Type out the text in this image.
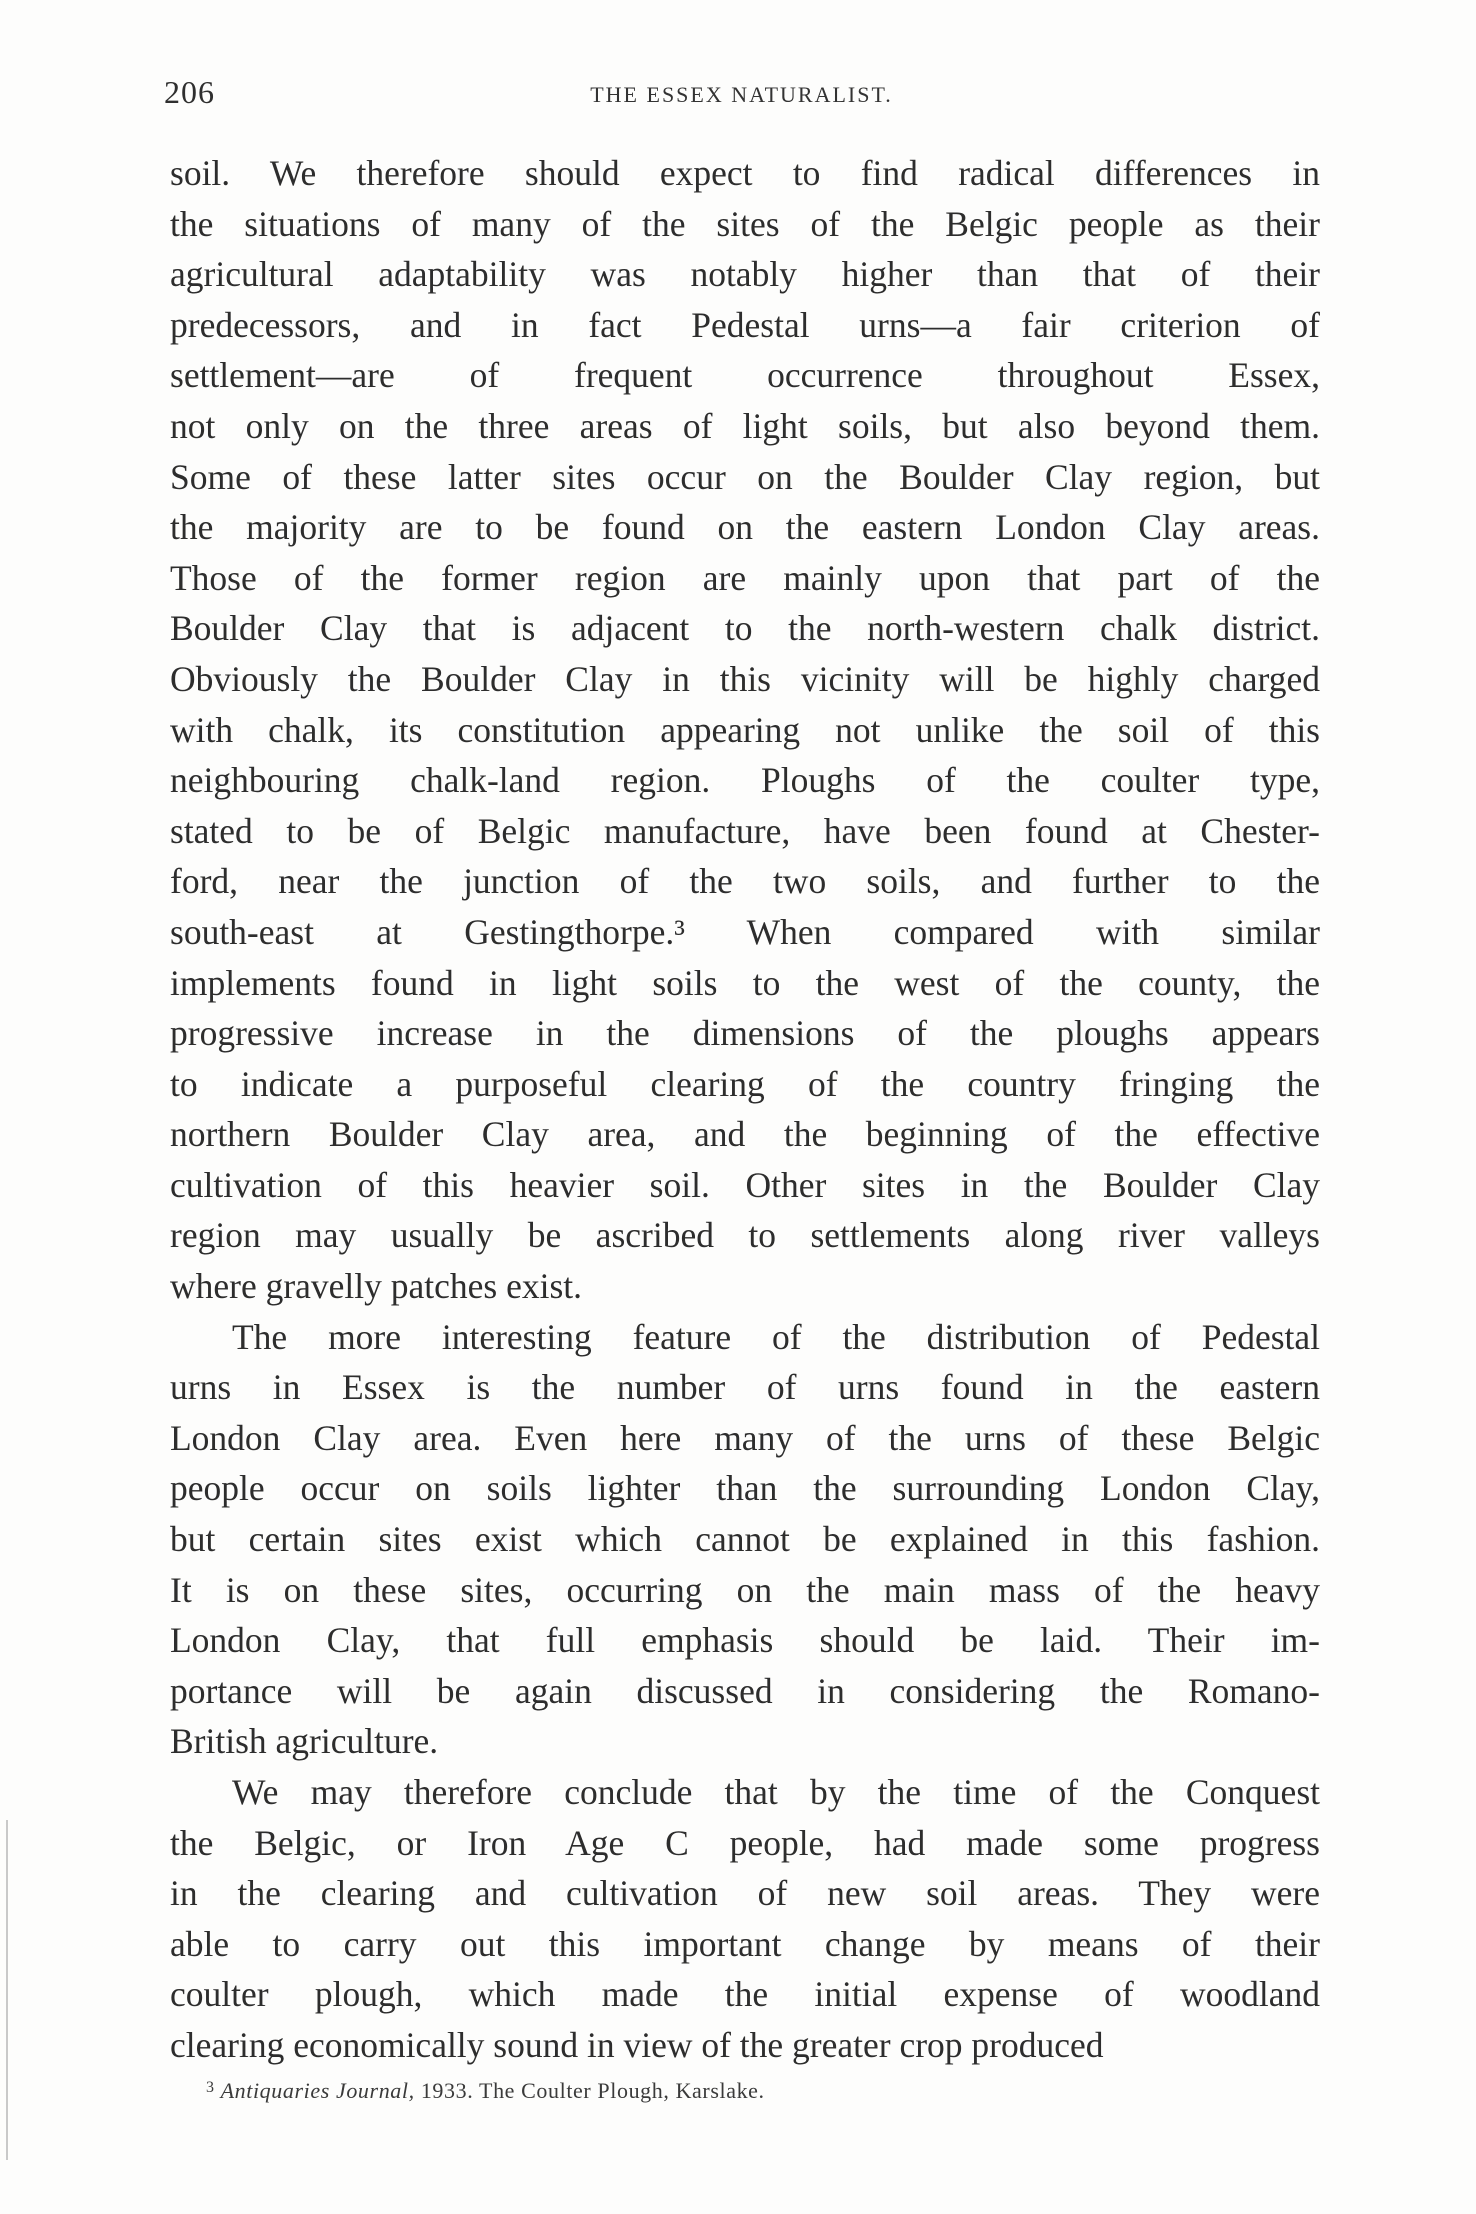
206	THE ESSEX NATURALIST.
soil. We therefore should expect to find radical differences in
the situations of many of the sites of the Belgic people as their
agricultural adaptability was notably higher than that of their
predecessors, and in fact Pedestal urns—a fair criterion of
settlement—are of frequent occurrence throughout Essex,
not only on the three areas of light soils, but also beyond them.
Some of these latter sites occur on the Boulder Clay region, but
the majority are to be found on the eastern London Clay areas.
Those of the former region are mainly upon that part of the
Boulder Clay that is adjacent to the north-western chalk district.
Obviously the Boulder Clay in this vicinity will be highly charged
with chalk, its constitution appearing not unlike the soil of this
neighbouring chalk-land region. Ploughs of the coulter type,
stated to be of Belgic manufacture, have been found at Chester-
ford, near the junction of the two soils, and further to the
south-east at Gestingthorpe.³ When compared with similar
implements found in light soils to the west of the county, the
progressive increase in the dimensions of the ploughs appears
to indicate a purposeful clearing of the country fringing the
northern Boulder Clay area, and the beginning of the effective
cultivation of this heavier soil. Other sites in the Boulder Clay
region may usually be ascribed to settlements along river valleys
where gravelly patches exist.
The more interesting feature of the distribution of Pedestal
urns in Essex is the number of urns found in the eastern
London Clay area. Even here many of the urns of these Belgic
people occur on soils lighter than the surrounding London Clay,
but certain sites exist which cannot be explained in this fashion.
It is on these sites, occurring on the main mass of the heavy
London Clay, that full emphasis should be laid. Their im-
portance will be again discussed in considering the Romano-
British agriculture.
We may therefore conclude that by the time of the Conquest
the Belgic, or Iron Age C people, had made some progress
in the clearing and cultivation of new soil areas. They were
able to carry out this important change by means of their
coulter plough, which made the initial expense of woodland
clearing economically sound in view of the greater crop produced
$^3$ Antiquaries Journal, 1933. The Coulter Plough, Karslake.
